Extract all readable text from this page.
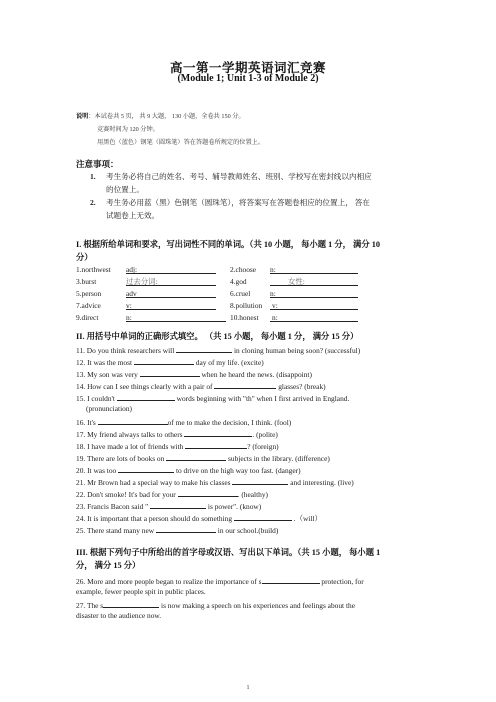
高一第一学期英语词汇竞赛
(Module 1; Unit 1-3 of Module 2)
说明：本试卷共 5 页， 共 9 大题， 130 小题，全卷共 150 分。
竞赛时间为 120 分钟。
用黑色（蓝色）钢笔（圆珠笔）答在答题卷所规定的位置上。
注意事项：
1. 考生务必将自己的姓名、考号、辅导教师姓名、班别、学校写在密封线以内相应
的位置上。
2. 考生务必用蓝（黑）色钢笔（圆珠笔），将答案写在答题卷相应的位置上， 答在
试题卷上无效。
I. 根据所给单词和要求，写出词性不同的单词。（共 10 小题， 每小题 1 分， 满分 10
分）
1.northwest adj:	2.choose n:
3.burst	过去分词:	4.god	女性:
5.person	adv	6.cruel	n:
7.advice	v:	8.pollution v:
9.direct	n:	10.honest n:
II. 用括号中单词的正确形式填空。 （共 15 小题， 每小题 1 分， 满分 15 分）
11. Do you think researchers will	in cloning human being soon? (successful)
12. It was the most	day of my life. (excite)
13. My son was very	when he heard the news. (disappoint)
14. How can I see things clearly with a pair of	glasses? (break)
15. I couldn't	words beginning with "th" when I first arrived in England.
(pronunciation)
16. It's	of me to make the decision, I think. (fool)
17. My friend always talks to others	. (polite)
18. I have made a lot of friends with	? (foreign)
19. There are lots of books on	subjects in the library. (difference)
20. It was too	to drive on the high way too fast. (danger)
21. Mr Brown had a special way to make his classes	and interesting. (live)
22. Don't smoke! It's bad for your	. (healthy)
23. Francis Bacon said "	is power". (know)
24. It is important that a person should do something	.（will）
25. There stand many new	in our school.(build)
III. 根据下列句子中所给出的首字母或汉语、写出以下单词。（共 15 小题， 每小题 1
分， 满分 15 分）
26. More and more people began to realize the importance of s	protection, for
example, fewer people spit in public places.
27. The s	is now making a speech on his experiences and feelings about the
disaster to the audience now.
1
